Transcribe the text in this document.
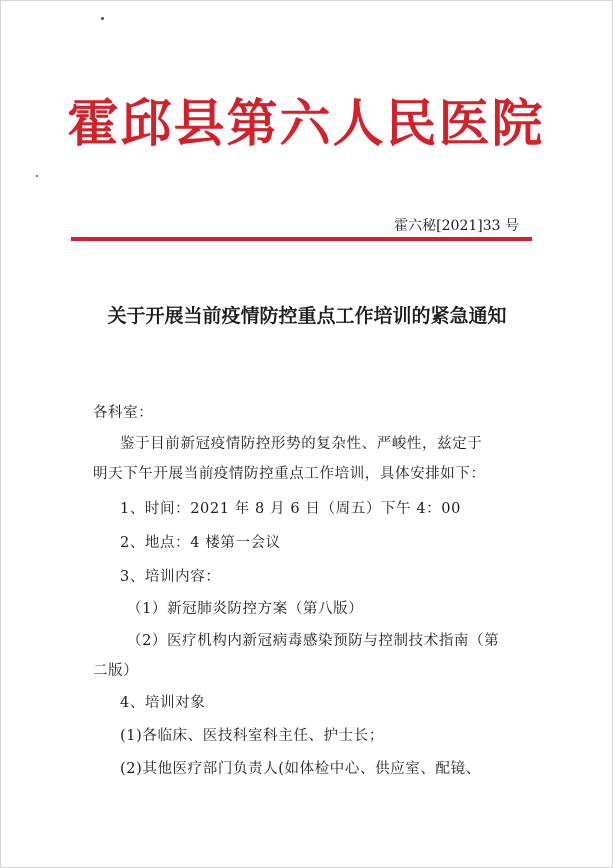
霍邱县第六人民医院
霍六秘[2021]33 号
关于开展当前疫情防控重点工作培训的紧急通知
各科室：
鉴于目前新冠疫情防控形势的复杂性、严峻性，兹定于
明天下午开展当前疫情防控重点工作培训，具体安排如下：
1、时间：2021 年 8 月 6 日（周五）下午 4：00
2、地点：4 楼第一会议
3、培训内容：
（1）新冠肺炎防控方案（第八版）
（2）医疗机构内新冠病毒感染预防与控制技术指南（第
二版）
4、培训对象
(1)各临床、医技科室科主任、护士长；
(2)其他医疗部门负责人(如体检中心、供应室、配镜、
